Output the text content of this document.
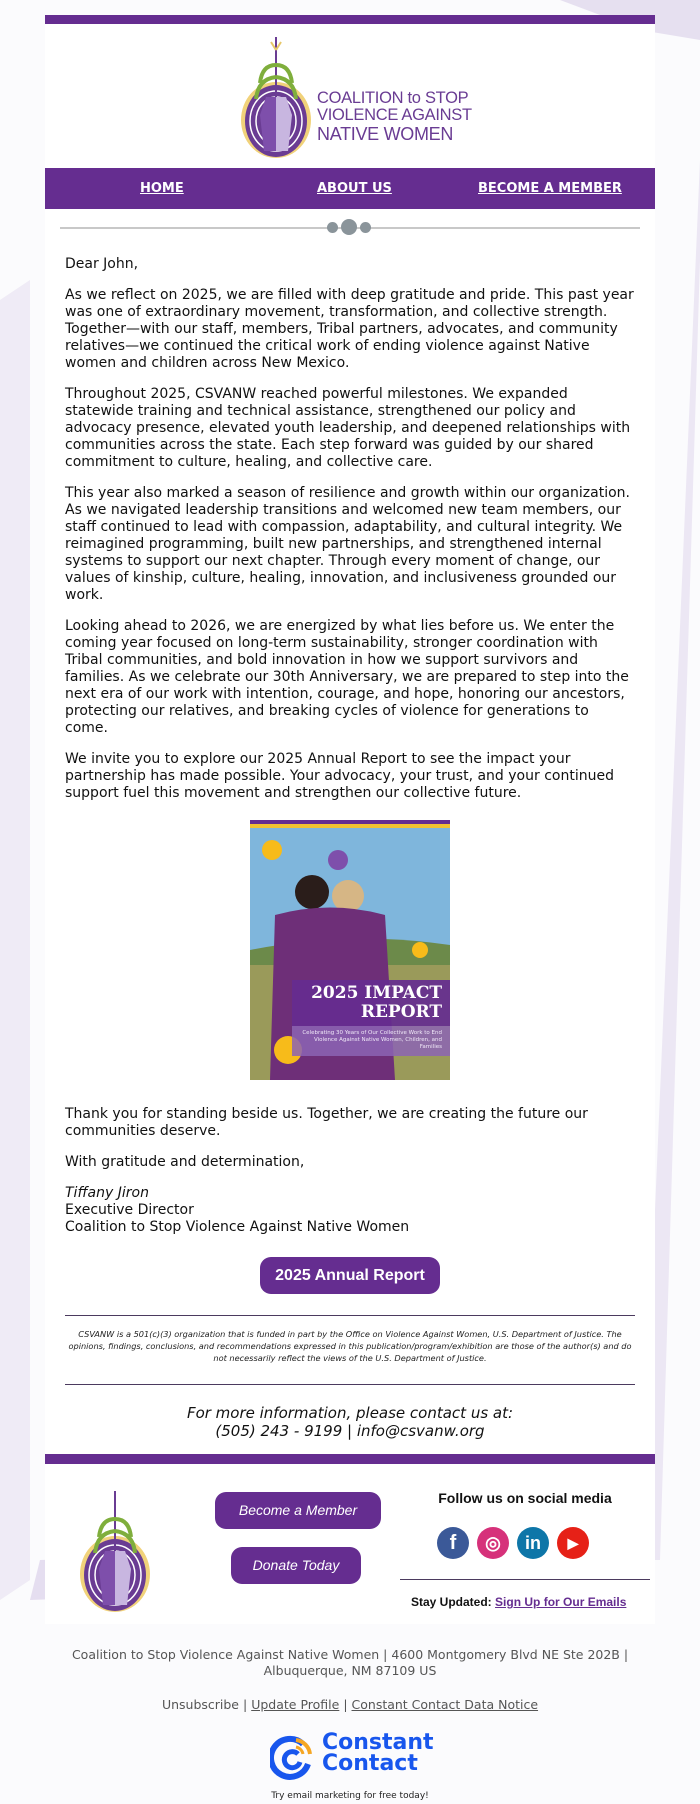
COALITION to STOP
VIOLENCE AGAINST
NATIVE WOMEN
HOME	ABOUT US	BECOME A MEMBER
Dear John,
As we reflect on 2025, we are filled with deep gratitude and pride. This past year was one of extraordinary movement, transformation, and collective strength. Together—with our staff, members, Tribal partners, advocates, and community relatives—we continued the critical work of ending violence against Native women and children across New Mexico.
Throughout 2025, CSVANW reached powerful milestones. We expanded statewide training and technical assistance, strengthened our policy and advocacy presence, elevated youth leadership, and deepened relationships with communities across the state. Each step forward was guided by our shared commitment to culture, healing, and collective care.
This year also marked a season of resilience and growth within our organization. As we navigated leadership transitions and welcomed new team members, our staff continued to lead with compassion, adaptability, and cultural integrity. We reimagined programming, built new partnerships, and strengthened internal systems to support our next chapter. Through every moment of change, our values of kinship, culture, healing, innovation, and inclusiveness grounded our work.
Looking ahead to 2026, we are energized by what lies before us. We enter the coming year focused on long-term sustainability, stronger coordination with Tribal communities, and bold innovation in how we support survivors and families. As we celebrate our 30th Anniversary, we are prepared to step into the next era of our work with intention, courage, and hope, honoring our ancestors, protecting our relatives, and breaking cycles of violence for generations to come.
We invite you to explore our 2025 Annual Report to see the impact your partnership has made possible. Your advocacy, your trust, and your continued support fuel this movement and strengthen our collective future.
2025 IMPACT
REPORT
Celebrating 30 Years of Our Collective Work to End Violence Against Native Women, Children, and Families
Thank you for standing beside us. Together, we are creating the future our communities deserve.
With gratitude and determination,
Tiffany Jiron
Executive Director
Coalition to Stop Violence Against Native Women
2025 Annual Report
CSVANW is a 501(c)(3) organization that is funded in part by the Office on Violence Against Women, U.S. Department of Justice. The opinions, findings, conclusions, and recommendations expressed in this publication/program/exhibition are those of the author(s) and do not necessarily reflect the views of the U.S. Department of Justice.
For more information, please contact us at:
(505) 243 - 9199 | info@csvanw.org
Become a Member
Donate Today
Follow us on social media
f	◎	in	▶
Stay Updated: Sign Up for Our Emails
Coalition to Stop Violence Against Native Women | 4600 Montgomery Blvd NE Ste 202B |
Albuquerque, NM 87109 US
Unsubscribe | Update Profile | Constant Contact Data Notice
Constant
Contact
Try email marketing for free today!
